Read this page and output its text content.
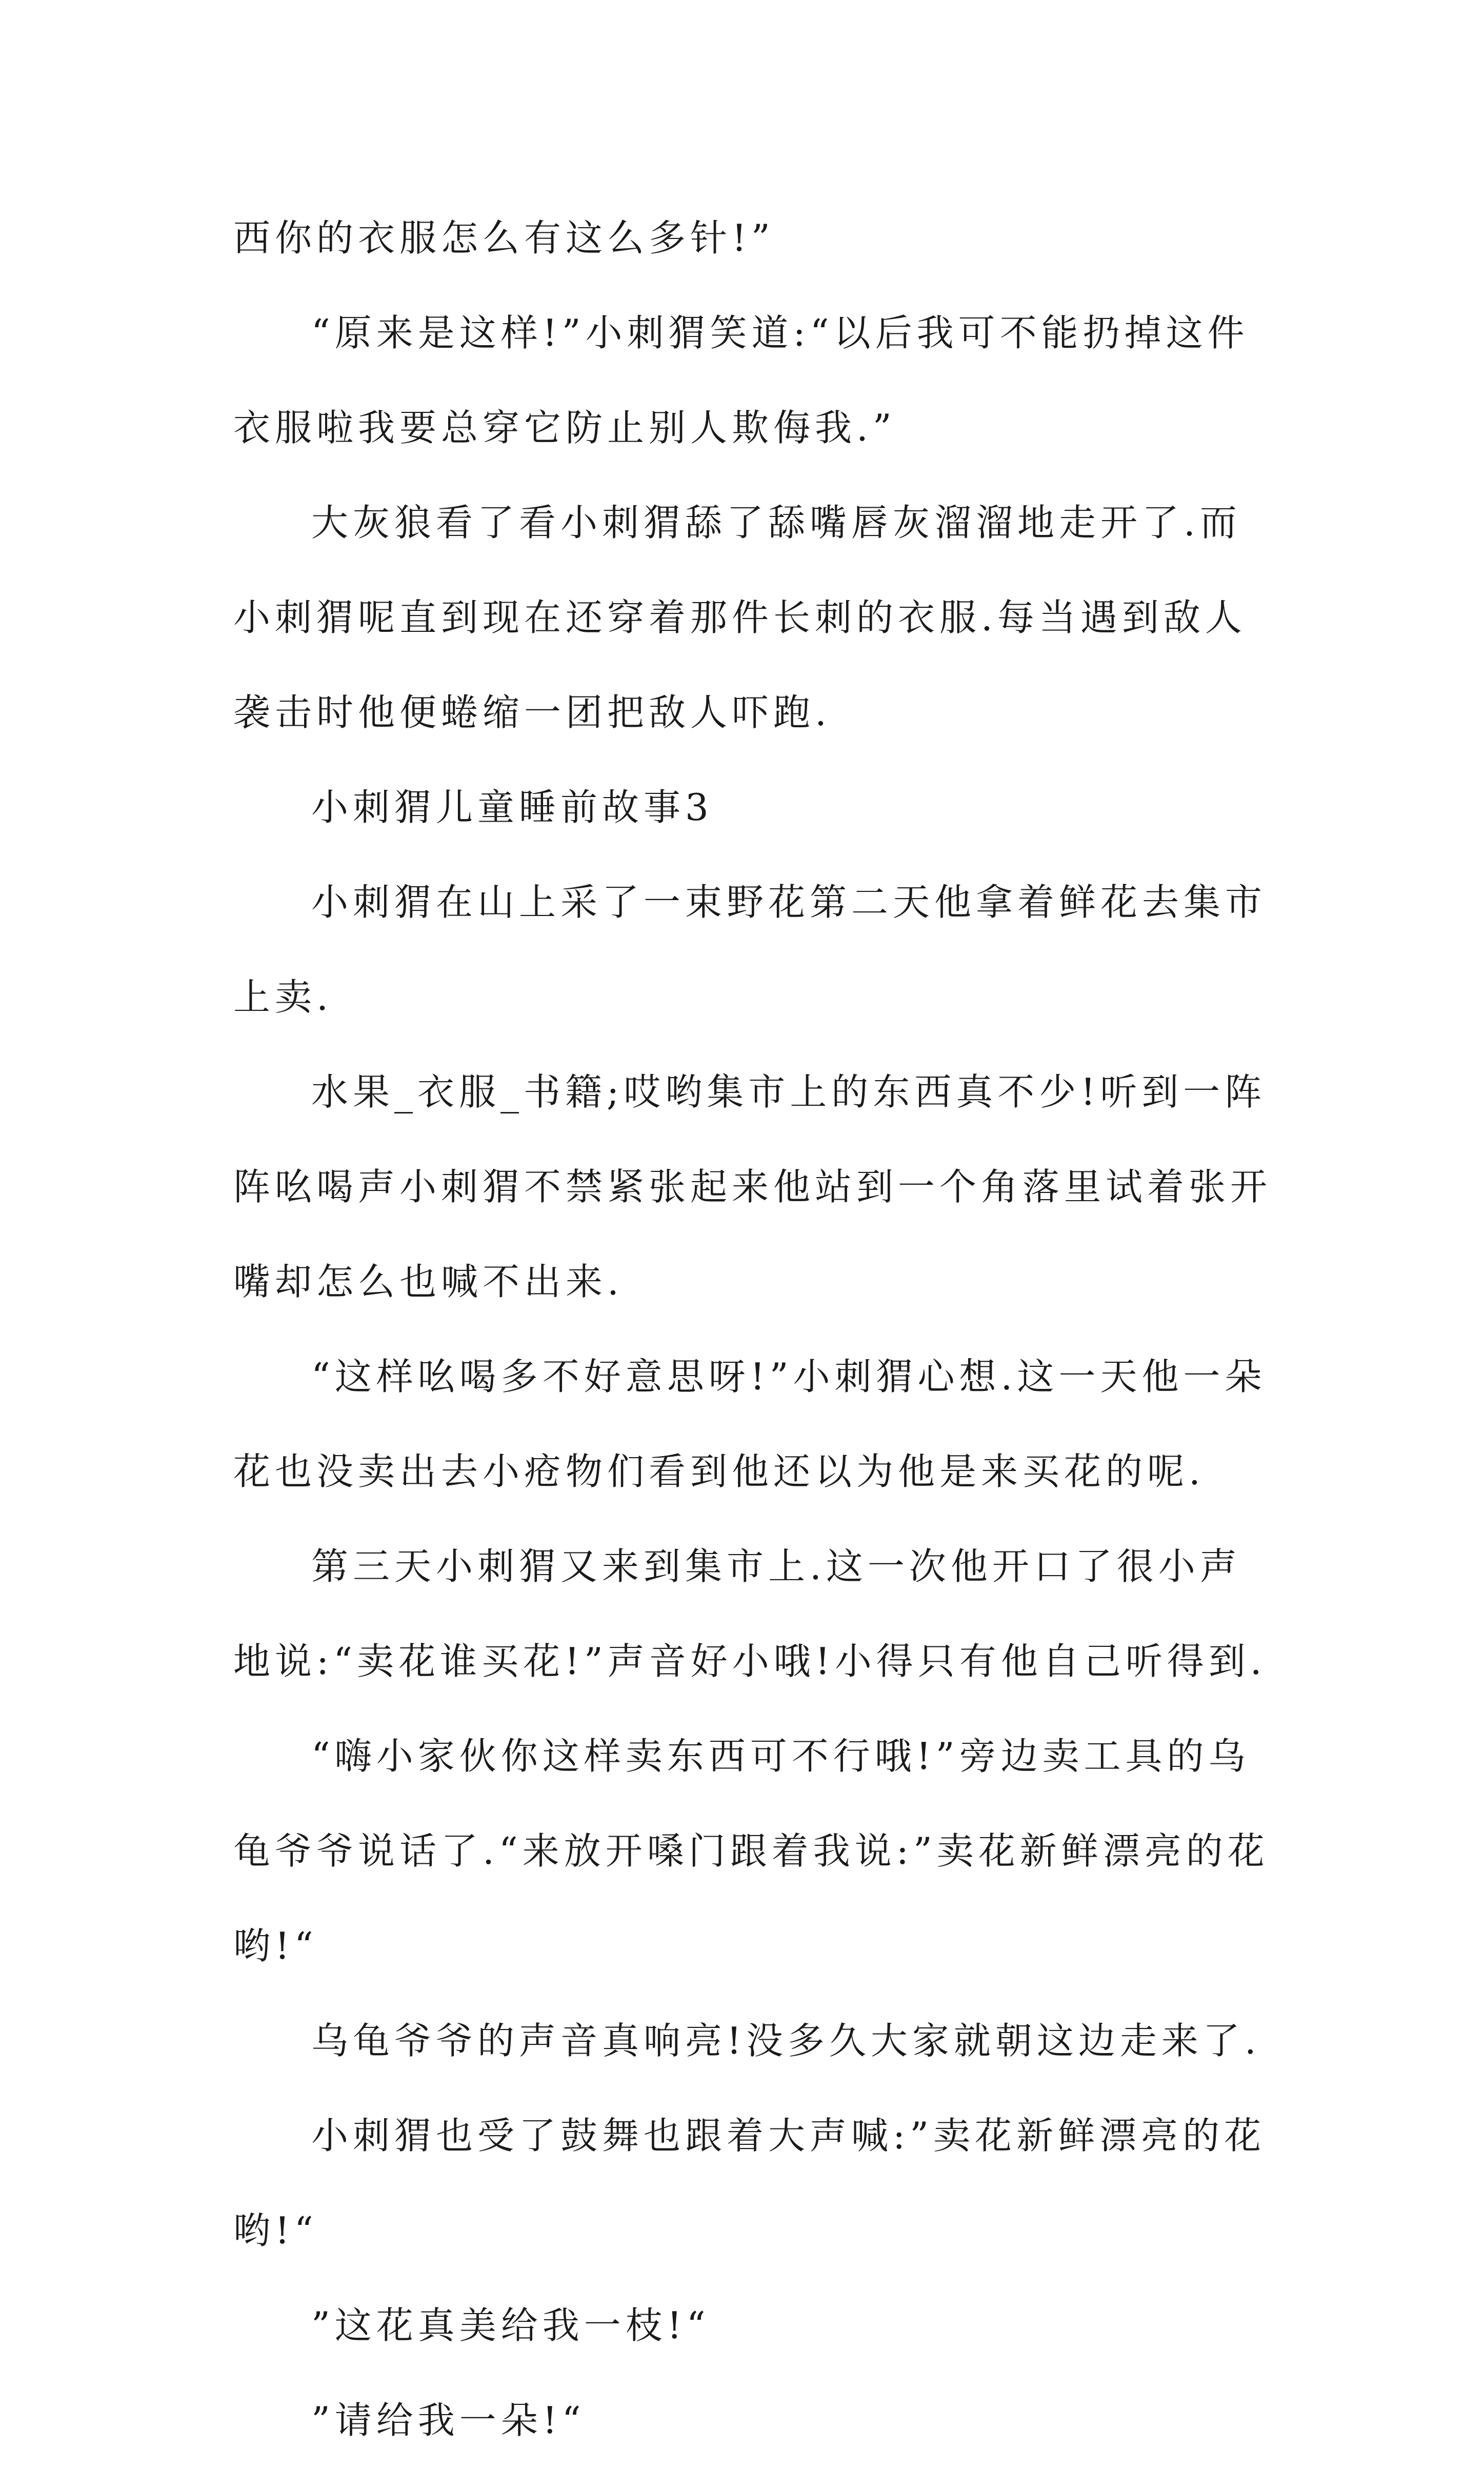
西你的衣服怎么有这么多针!”

“原来是这样!”小刺猬笑道:“以后我可不能扔掉这件衣服啦我要总穿它防止别人欺侮我.”

大灰狼看了看小刺猬舔了舔嘴唇灰溜溜地走开了.而小刺猬呢直到现在还穿着那件长刺的衣服.每当遇到敌人袭击时他便蜷缩一团把敌人吓跑.

小刺猬儿童睡前故事3

小刺猬在山上采了一束野花第二天他拿着鲜花去集市上卖.

水果_衣服_书籍;哎哟集市上的东西真不少!听到一阵阵吆喝声小刺猬不禁紧张起来他站到一个角落里试着张开嘴却怎么也喊不出来.

“这样吆喝多不好意思呀!”小刺猬心想.这一天他一朵花也没卖出去小疮物们看到他还以为他是来买花的呢.

第三天小刺猬又来到集市上.这一次他开口了很小声地说:“卖花谁买花!”声音好小哦!小得只有他自己听得到.

“嗨小家伙你这样卖东西可不行哦!”旁边卖工具的乌龟爷爷说话了.“来放开嗓门跟着我说:”卖花新鲜漂亮的花哟!“

乌龟爷爷的声音真响亮!没多久大家就朝这边走来了.

小刺猬也受了鼓舞也跟着大声喊:”卖花新鲜漂亮的花哟!“

”这花真美给我一枝!“

”请给我一朵!“
